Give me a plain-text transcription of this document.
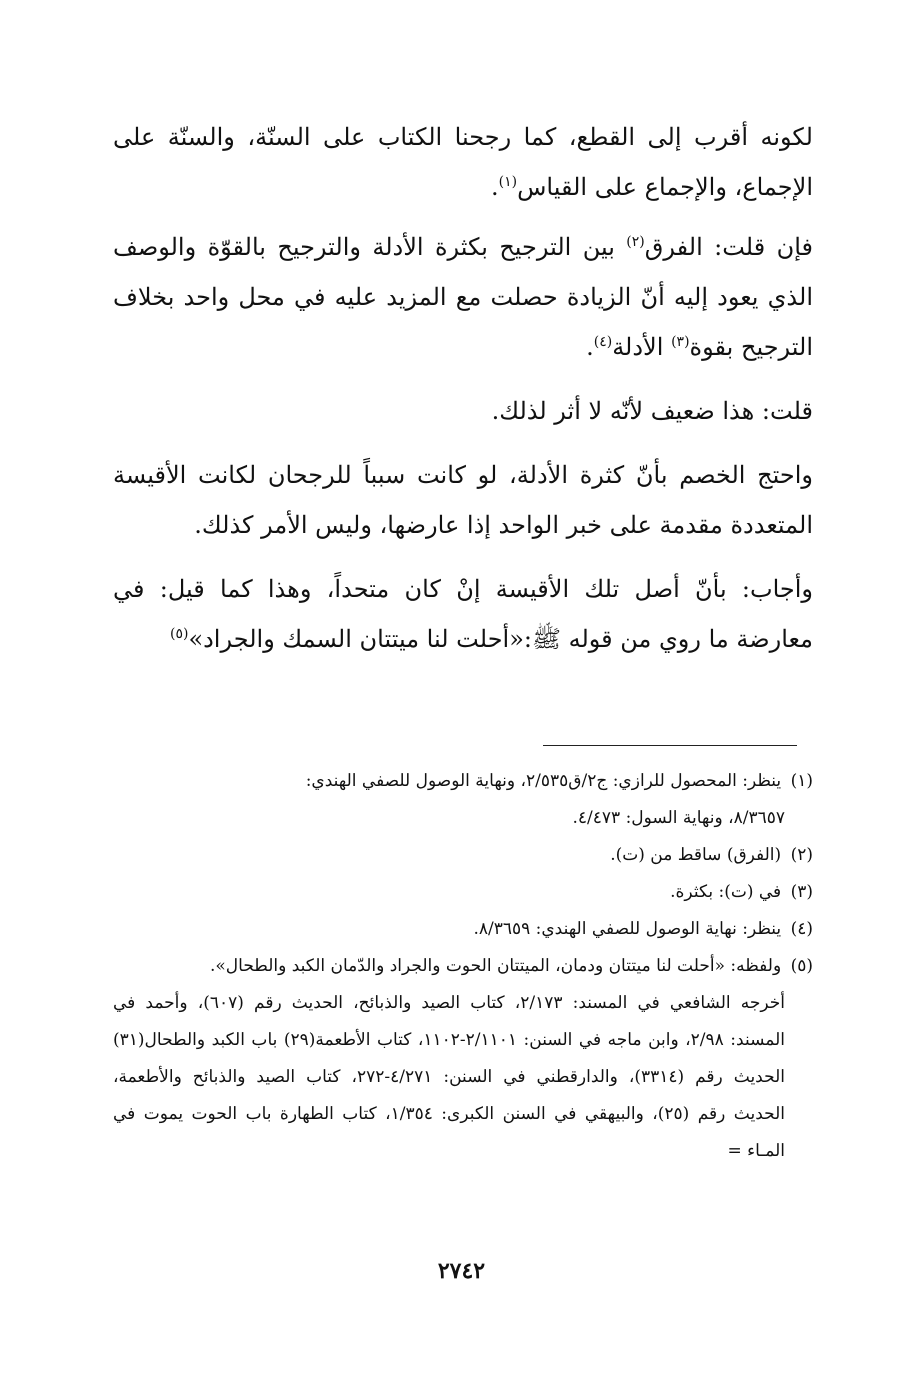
لكونه أقرب إلى القطع، كما رجحنا الكتاب على السنّة، والسنّة على الإجماع، والإجماع على القياس$^{(١)}$.

فإن قلت: الفرق$^{(٢)}$ بين الترجيح بكثرة الأدلة والترجيح بالقوّة والوصف الذي يعود إليه أنّ الزيادة حصلت مع المزيد عليه في محل واحد بخلاف الترجيح بقوة$^{(٣)}$ الأدلة$^{(٤)}$.

قلت: هذا ضعيف لأنّه لا أثر لذلك.

واحتج الخصم بأنّ كثرة الأدلة، لو كانت سبباً للرجحان لكانت الأقيسة المتعددة مقدمة على خبر الواحد إذا عارضها، وليس الأمر كذلك.

وأجاب: بأنّ أصل تلك الأقيسة إنْ كان متحداً، وهذا كما قيل: في معارضة ما روي من قوله ﷺ:«أحلت لنا ميتتان السمك والجراد»$^{(٥)}$

(١) ينظر: المحصول للرازي: ج٢/ق٢/٥٣٥، ونهاية الوصول للصفي الهندي:
٨/٣٦٥٧، ونهاية السول: ٤/٤٧٣.

(٢) (الفرق) ساقط من (ت).

(٣) في (ت): بكثرة.

(٤) ينظر: نهاية الوصول للصفي الهندي: ٨/٣٦٥٩.

(٥) ولفظه: «أحلت لنا ميتتان ودمان، الميتتان الحوت والجراد والدّمان الكبد والطحال».
أخرجه الشافعي في المسند: ٢/١٧٣، كتاب الصيد والذبائح، الحديث رقم (٦٠٧)، وأحمد في المسند: ٢/٩٨، وابن ماجه في السنن: ٢/١١٠١-١١٠٢، كتاب الأطعمة(٢٩) باب الكبد والطحال(٣١) الحديث رقم (٣٣١٤)، والدارقطني في السنن: ٤/٢٧١-٢٧٢، كتاب الصيد والذبائح والأطعمة، الحديث رقم (٢٥)، والبيهقي في السنن الكبرى: ١/٣٥٤، كتاب الطهارة باب الحوت يموت في المـاء =

٢٧٤٢
